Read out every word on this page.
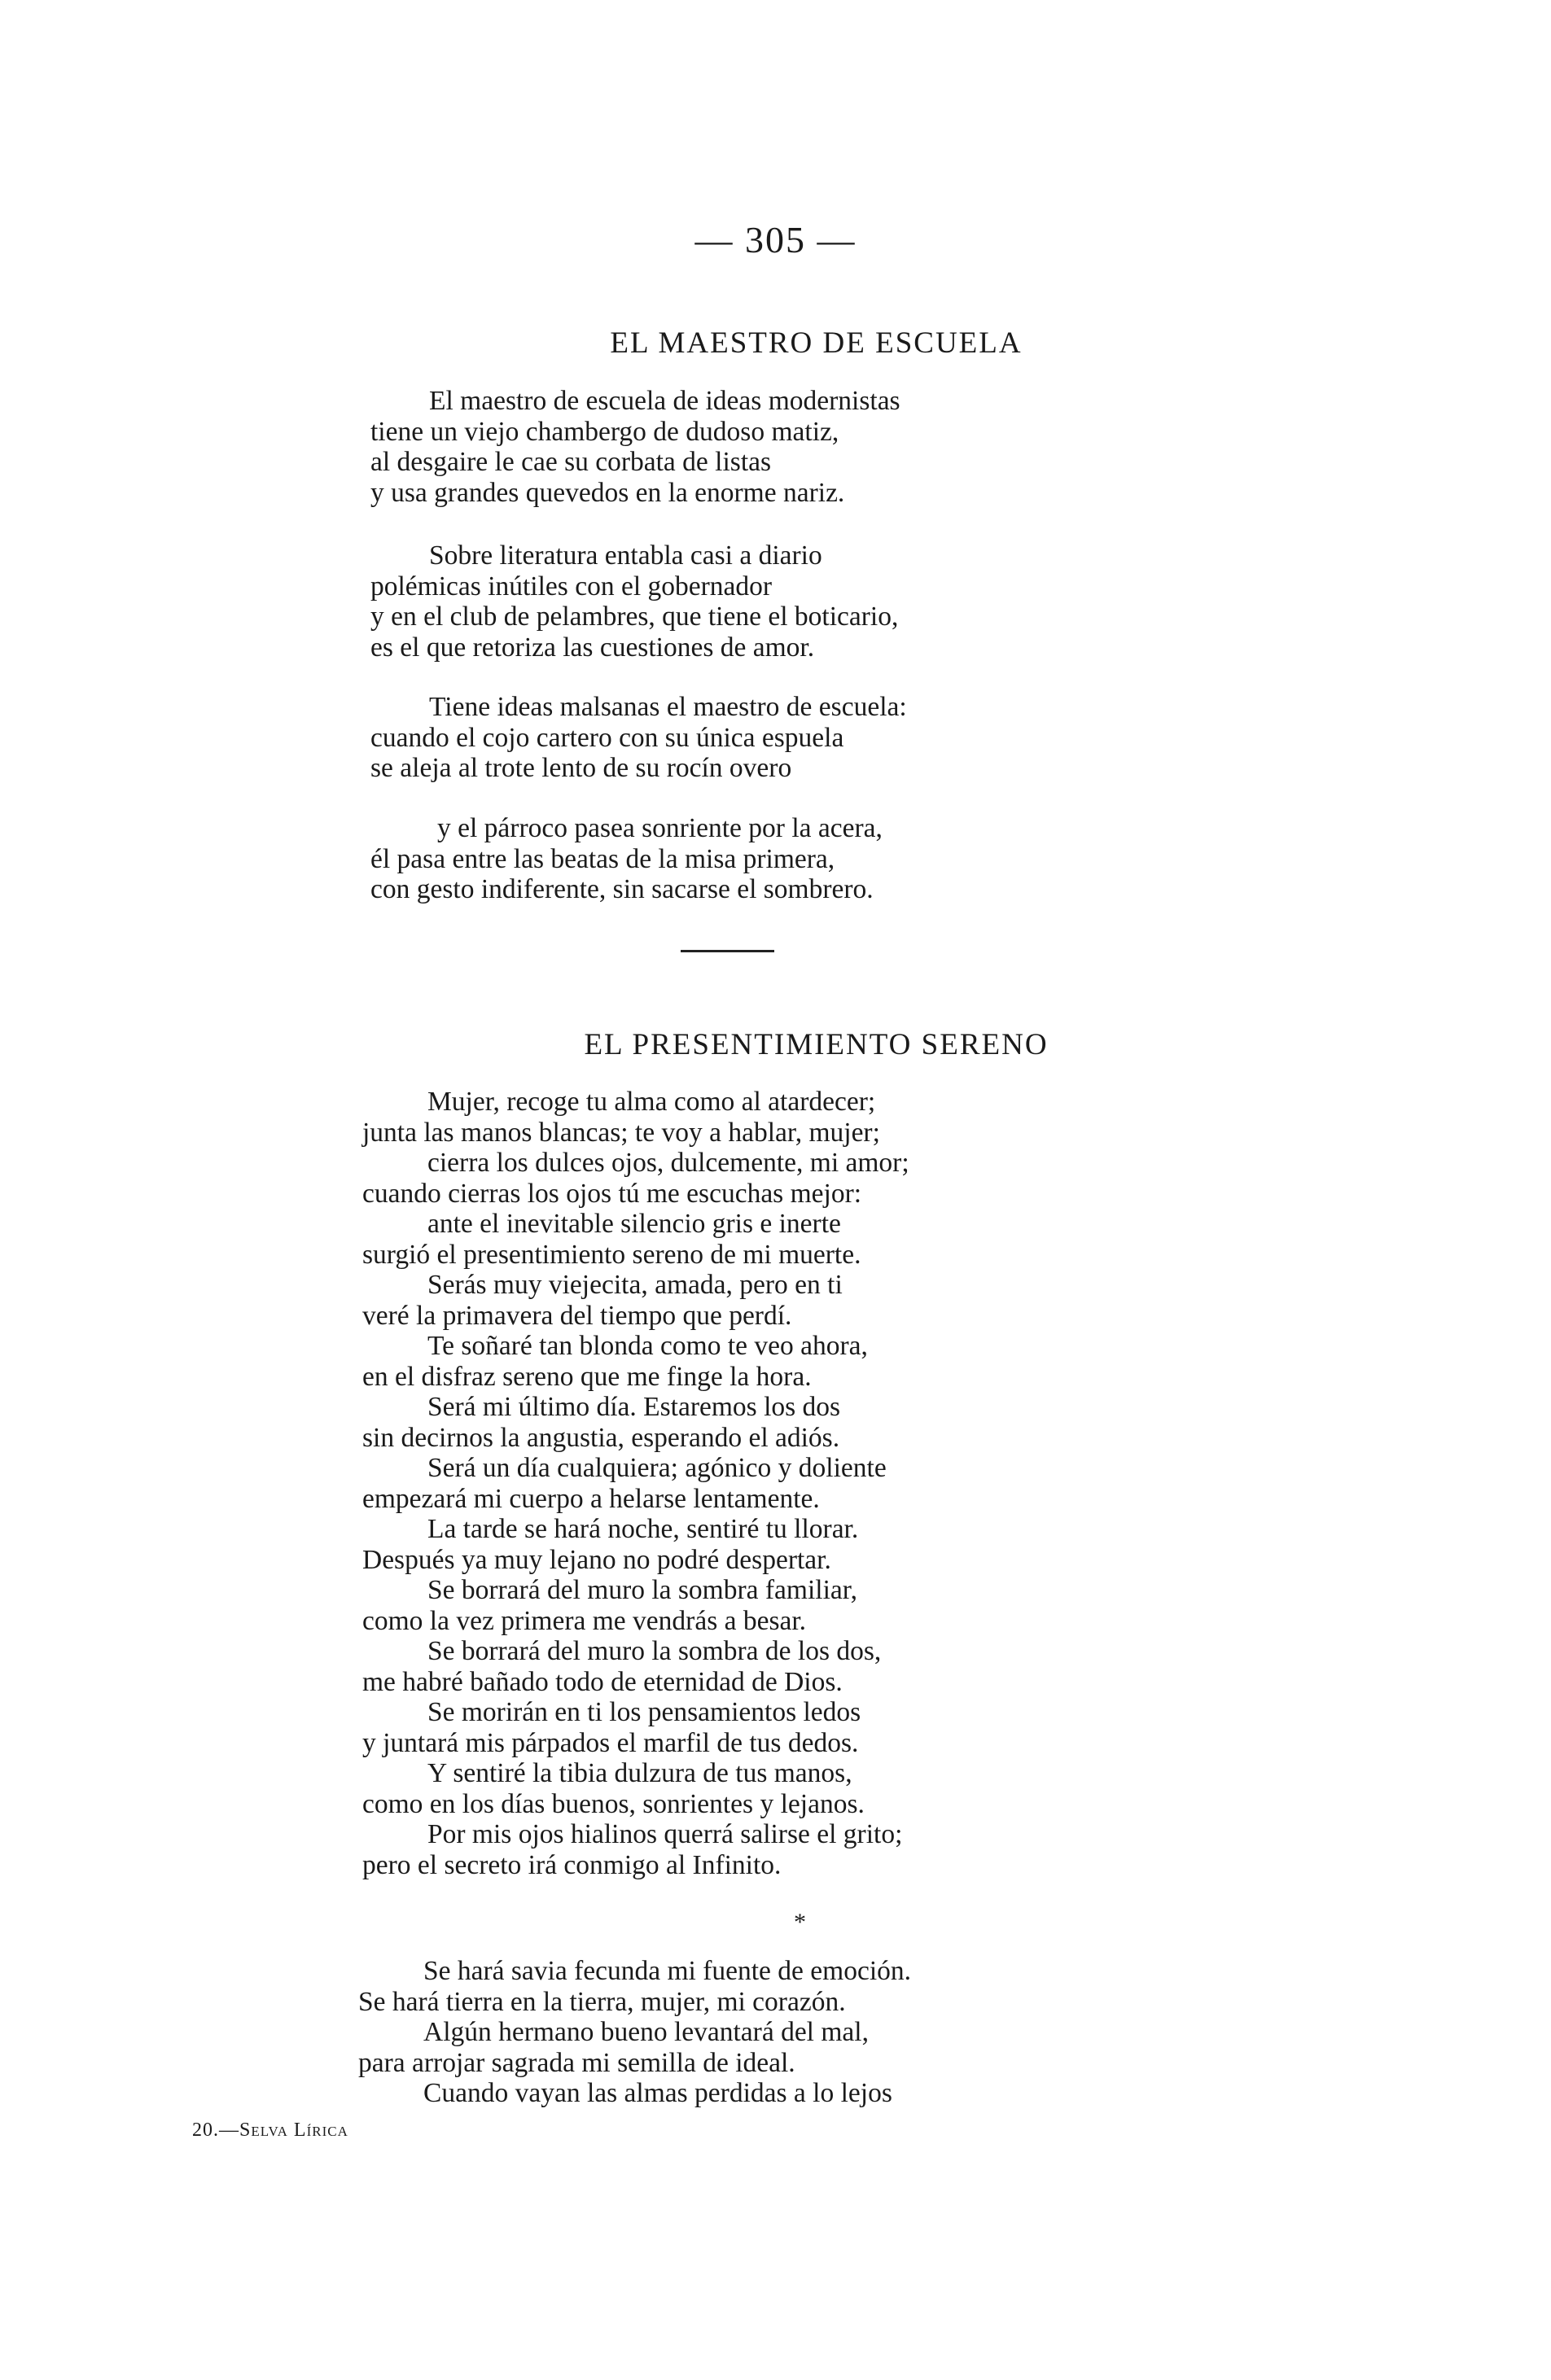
— 305 —
EL MAESTRO DE ESCUELA
El maestro de escuela de ideas modernistas
tiene un viejo chambergo de dudoso matiz,
al desgaire le cae su corbata de listas
y usa grandes quevedos en la enorme nariz.
Sobre literatura entabla casi a diario
polémicas inútiles con el gobernador
y en el club de pelambres, que tiene el boticario,
es el que retoriza las cuestiones de amor.
Tiene ideas malsanas el maestro de escuela:
cuando el cojo cartero con su única espuela
se aleja al trote lento de su rocín overo
y el párroco pasea sonriente por la acera,
él pasa entre las beatas de la misa primera,
con gesto indiferente, sin sacarse el sombrero.
EL PRESENTIMIENTO SERENO
Mujer, recoge tu alma como al atardecer;
junta las manos blancas; te voy a hablar, mujer;
cierra los dulces ojos, dulcemente, mi amor;
cuando cierras los ojos tú me escuchas mejor:
ante el inevitable silencio gris e inerte
surgió el presentimiento sereno de mi muerte.
Serás muy viejecita, amada, pero en ti
veré la primavera del tiempo que perdí.
Te soñaré tan blonda como te veo ahora,
en el disfraz sereno que me finge la hora.
Será mi último día. Estaremos los dos
sin decirnos la angustia, esperando el adiós.
Será un día cualquiera; agónico y doliente
empezará mi cuerpo a helarse lentamente.
La tarde se hará noche, sentiré tu llorar.
Después ya muy lejano no podré despertar.
Se borrará del muro la sombra familiar,
como la vez primera me vendrás a besar.
Se borrará del muro la sombra de los dos,
me habré bañado todo de eternidad de Dios.
Se morirán en ti los pensamientos ledos
y juntará mis párpados el marfil de tus dedos.
Y sentiré la tibia dulzura de tus manos,
como en los días buenos, sonrientes y lejanos.
Por mis ojos hialinos querrá salirse el grito;
pero el secreto irá conmigo al Infinito.
*
Se hará savia fecunda mi fuente de emoción.
Se hará tierra en la tierra, mujer, mi corazón.
Algún hermano bueno levantará del mal,
para arrojar sagrada mi semilla de ideal.
Cuando vayan las almas perdidas a lo lejos
20.—Selva Lírica
